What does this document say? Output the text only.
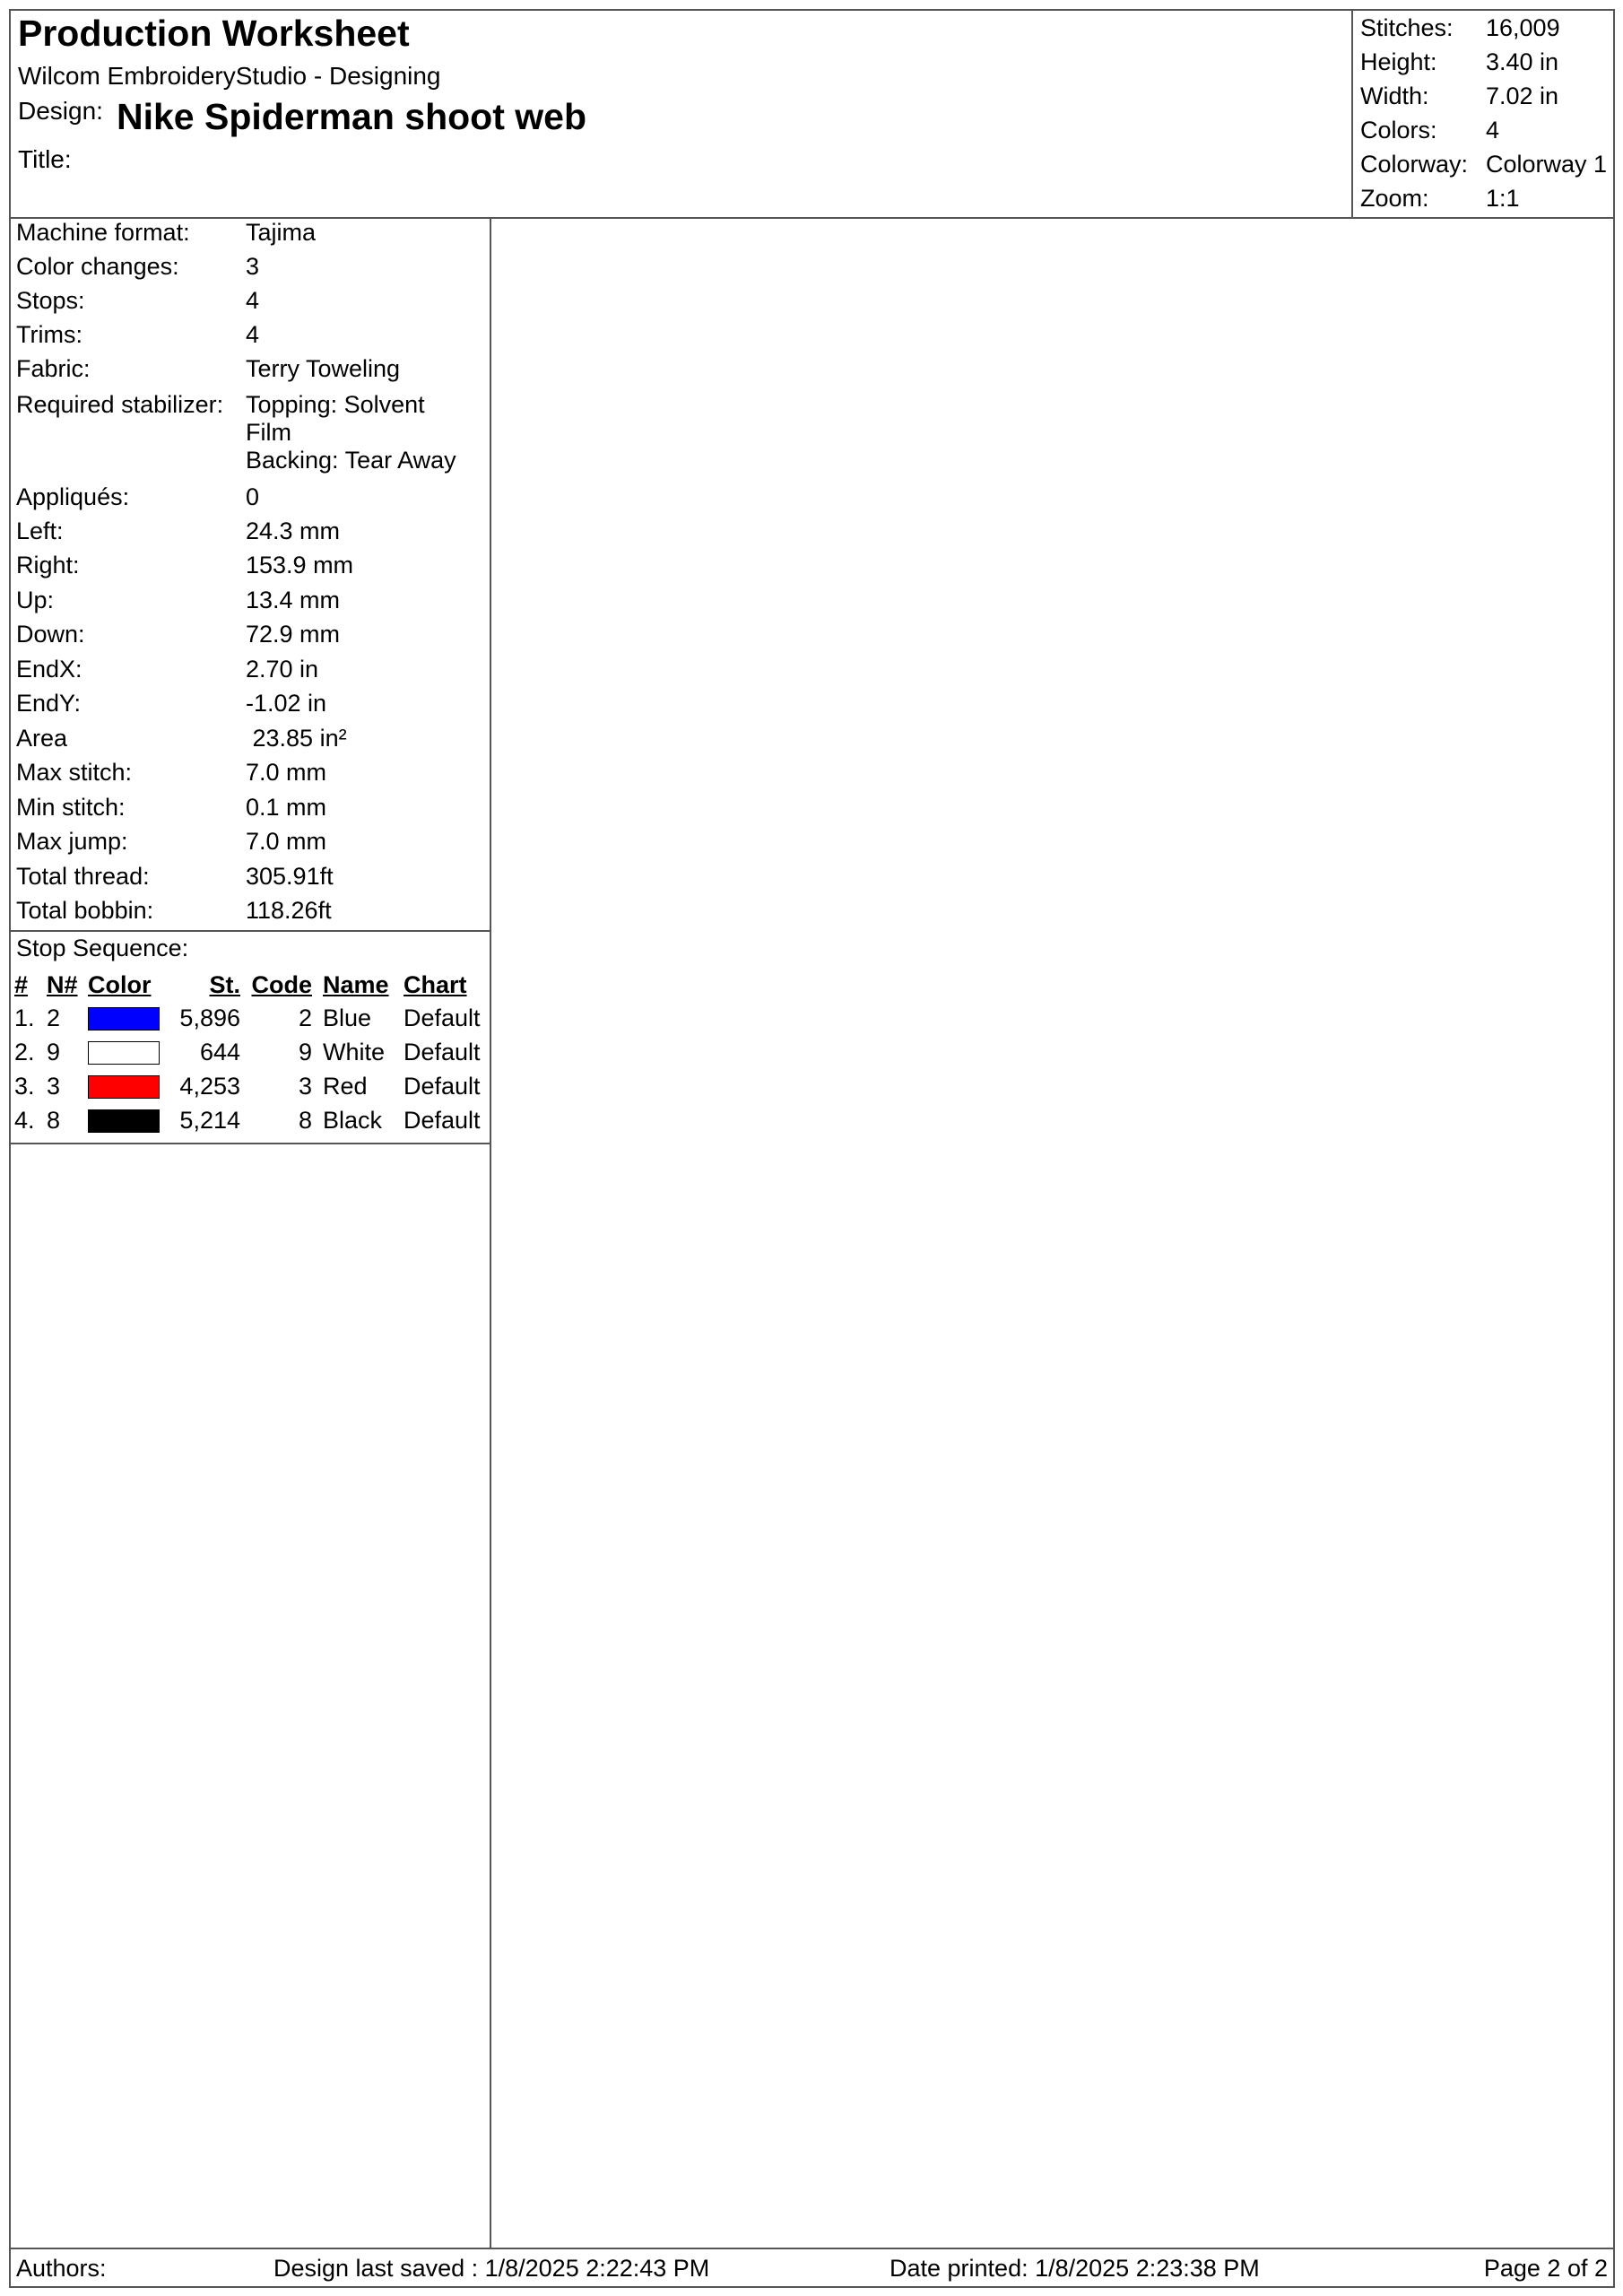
Production Worksheet
Wilcom EmbroideryStudio - Designing
Design: Nike Spiderman shoot web
Title:
Stitches: 16,009
Height: 3.40 in
Width: 7.02 in
Colors: 4
Colorway: Colorway 1
Zoom: 1:1
Machine format: Tajima
Color changes:	3
Stops:	4
Trims:	4
Fabric:	Terry Toweling
Required stabilizer: Topping: Solvent
Film
Backing: Tear Away
Appliqués:	0
Left:	24.3 mm
Right:	153.9 mm
Up:	13.4 mm
Down:	72.9 mm
EndX:	2.70 in
EndY:	-1.02 in
Area	23.85 in²
Max stitch:	7.0 mm
Min stitch:	0.1 mm
Max jump:	7.0 mm
Total thread:	305.91ft
Total bobbin:	118.26ft
Stop Sequence:
#	N#	Color	St.	Code	Name	Chart
1.	2		5,896	2	Blue	Default
2.	9		644	9	White	Default
3.	3		4,253	3	Red	Default
4.	8		5,214	8	Black	Default
Authors:	Design last saved : 1/8/2025 2:22:43 PM	Date printed: 1/8/2025 2:23:38 PM	Page 2 of 2
